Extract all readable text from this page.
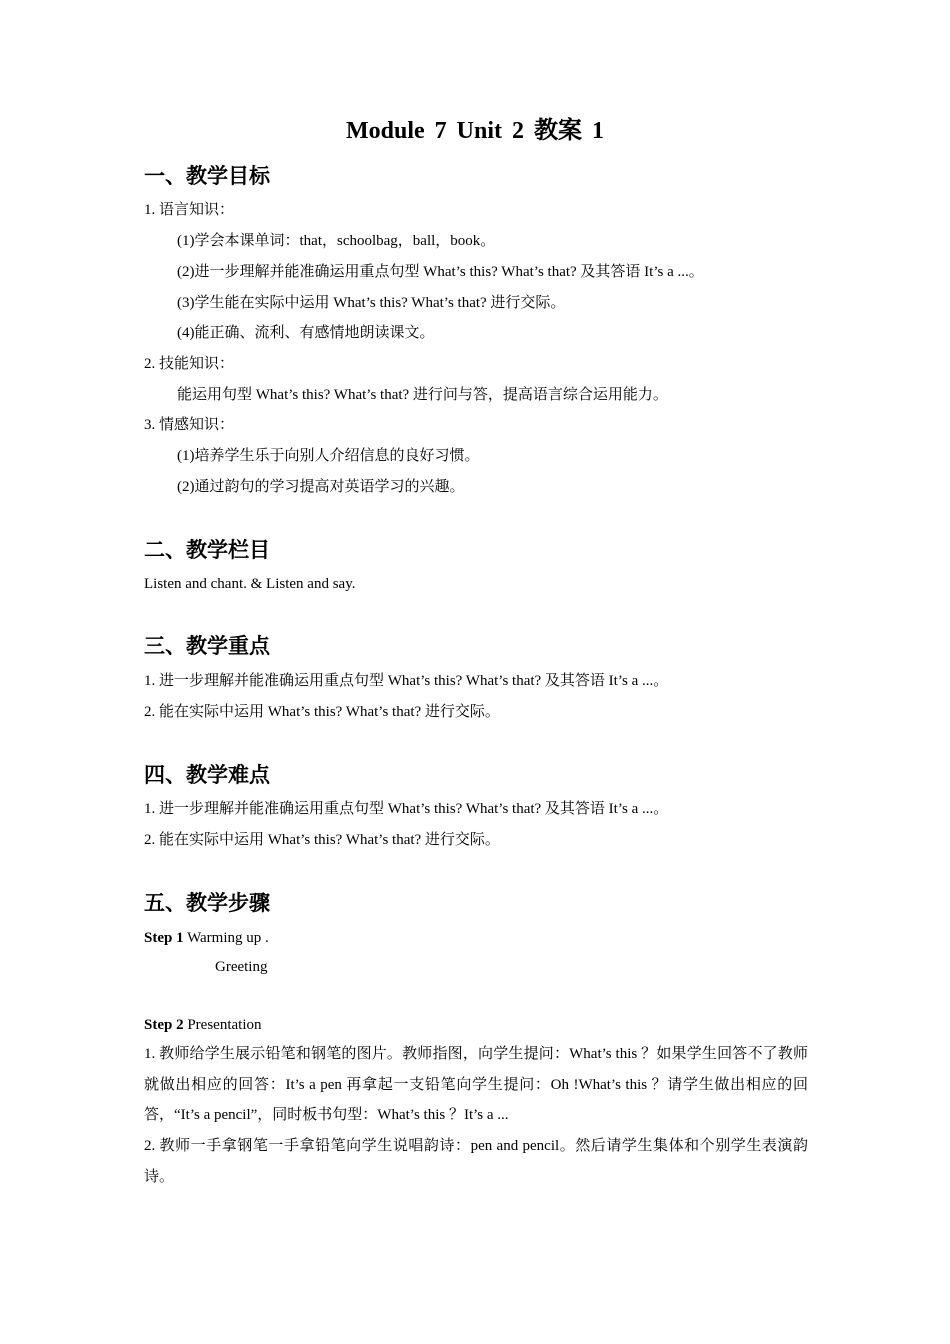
Module 7 Unit 2 教案 1
一、教学目标
1. 语言知识：
(1)学会本课单词：that，schoolbag，ball，book。
(2)进一步理解并能准确运用重点句型 What’s this? What’s that? 及其答语 It’s a ...。
(3)学生能在实际中运用 What’s this? What’s that? 进行交际。
(4)能正确、流利、有感情地朗读课文。
2. 技能知识：
能运用句型 What’s this? What’s that? 进行问与答，提高语言综合运用能力。
3. 情感知识：
(1)培养学生乐于向别人介绍信息的良好习惯。
(2)通过韵句的学习提高对英语学习的兴趣。
二、教学栏目
Listen and chant. & Listen and say.
三、教学重点
1. 进一步理解并能准确运用重点句型 What’s this? What’s that? 及其答语 It’s a ...。
2. 能在实际中运用 What’s this? What’s that? 进行交际。
四、教学难点
1. 进一步理解并能准确运用重点句型 What’s this? What’s that? 及其答语 It’s a ...。
2. 能在实际中运用 What’s this? What’s that? 进行交际。
五、教学步骤
Step 1 Warming up .
Greeting
Step 2 Presentation
1. 教师给学生展示铅笔和钢笔的图片。教师指图，向学生提问：What’s this ？如果学生回答不了教师就做出相应的回答：It’s a pen 再拿起一支铅笔向学生提问：Oh !What’s this ？请学生做出相应的回答，“It’s a pencil”，同时板书句型：What’s this ？It’s a ...
2. 教师一手拿钢笔一手拿铅笔向学生说唱韵诗：pen and pencil。然后请学生集体和个别学生表演韵诗。
